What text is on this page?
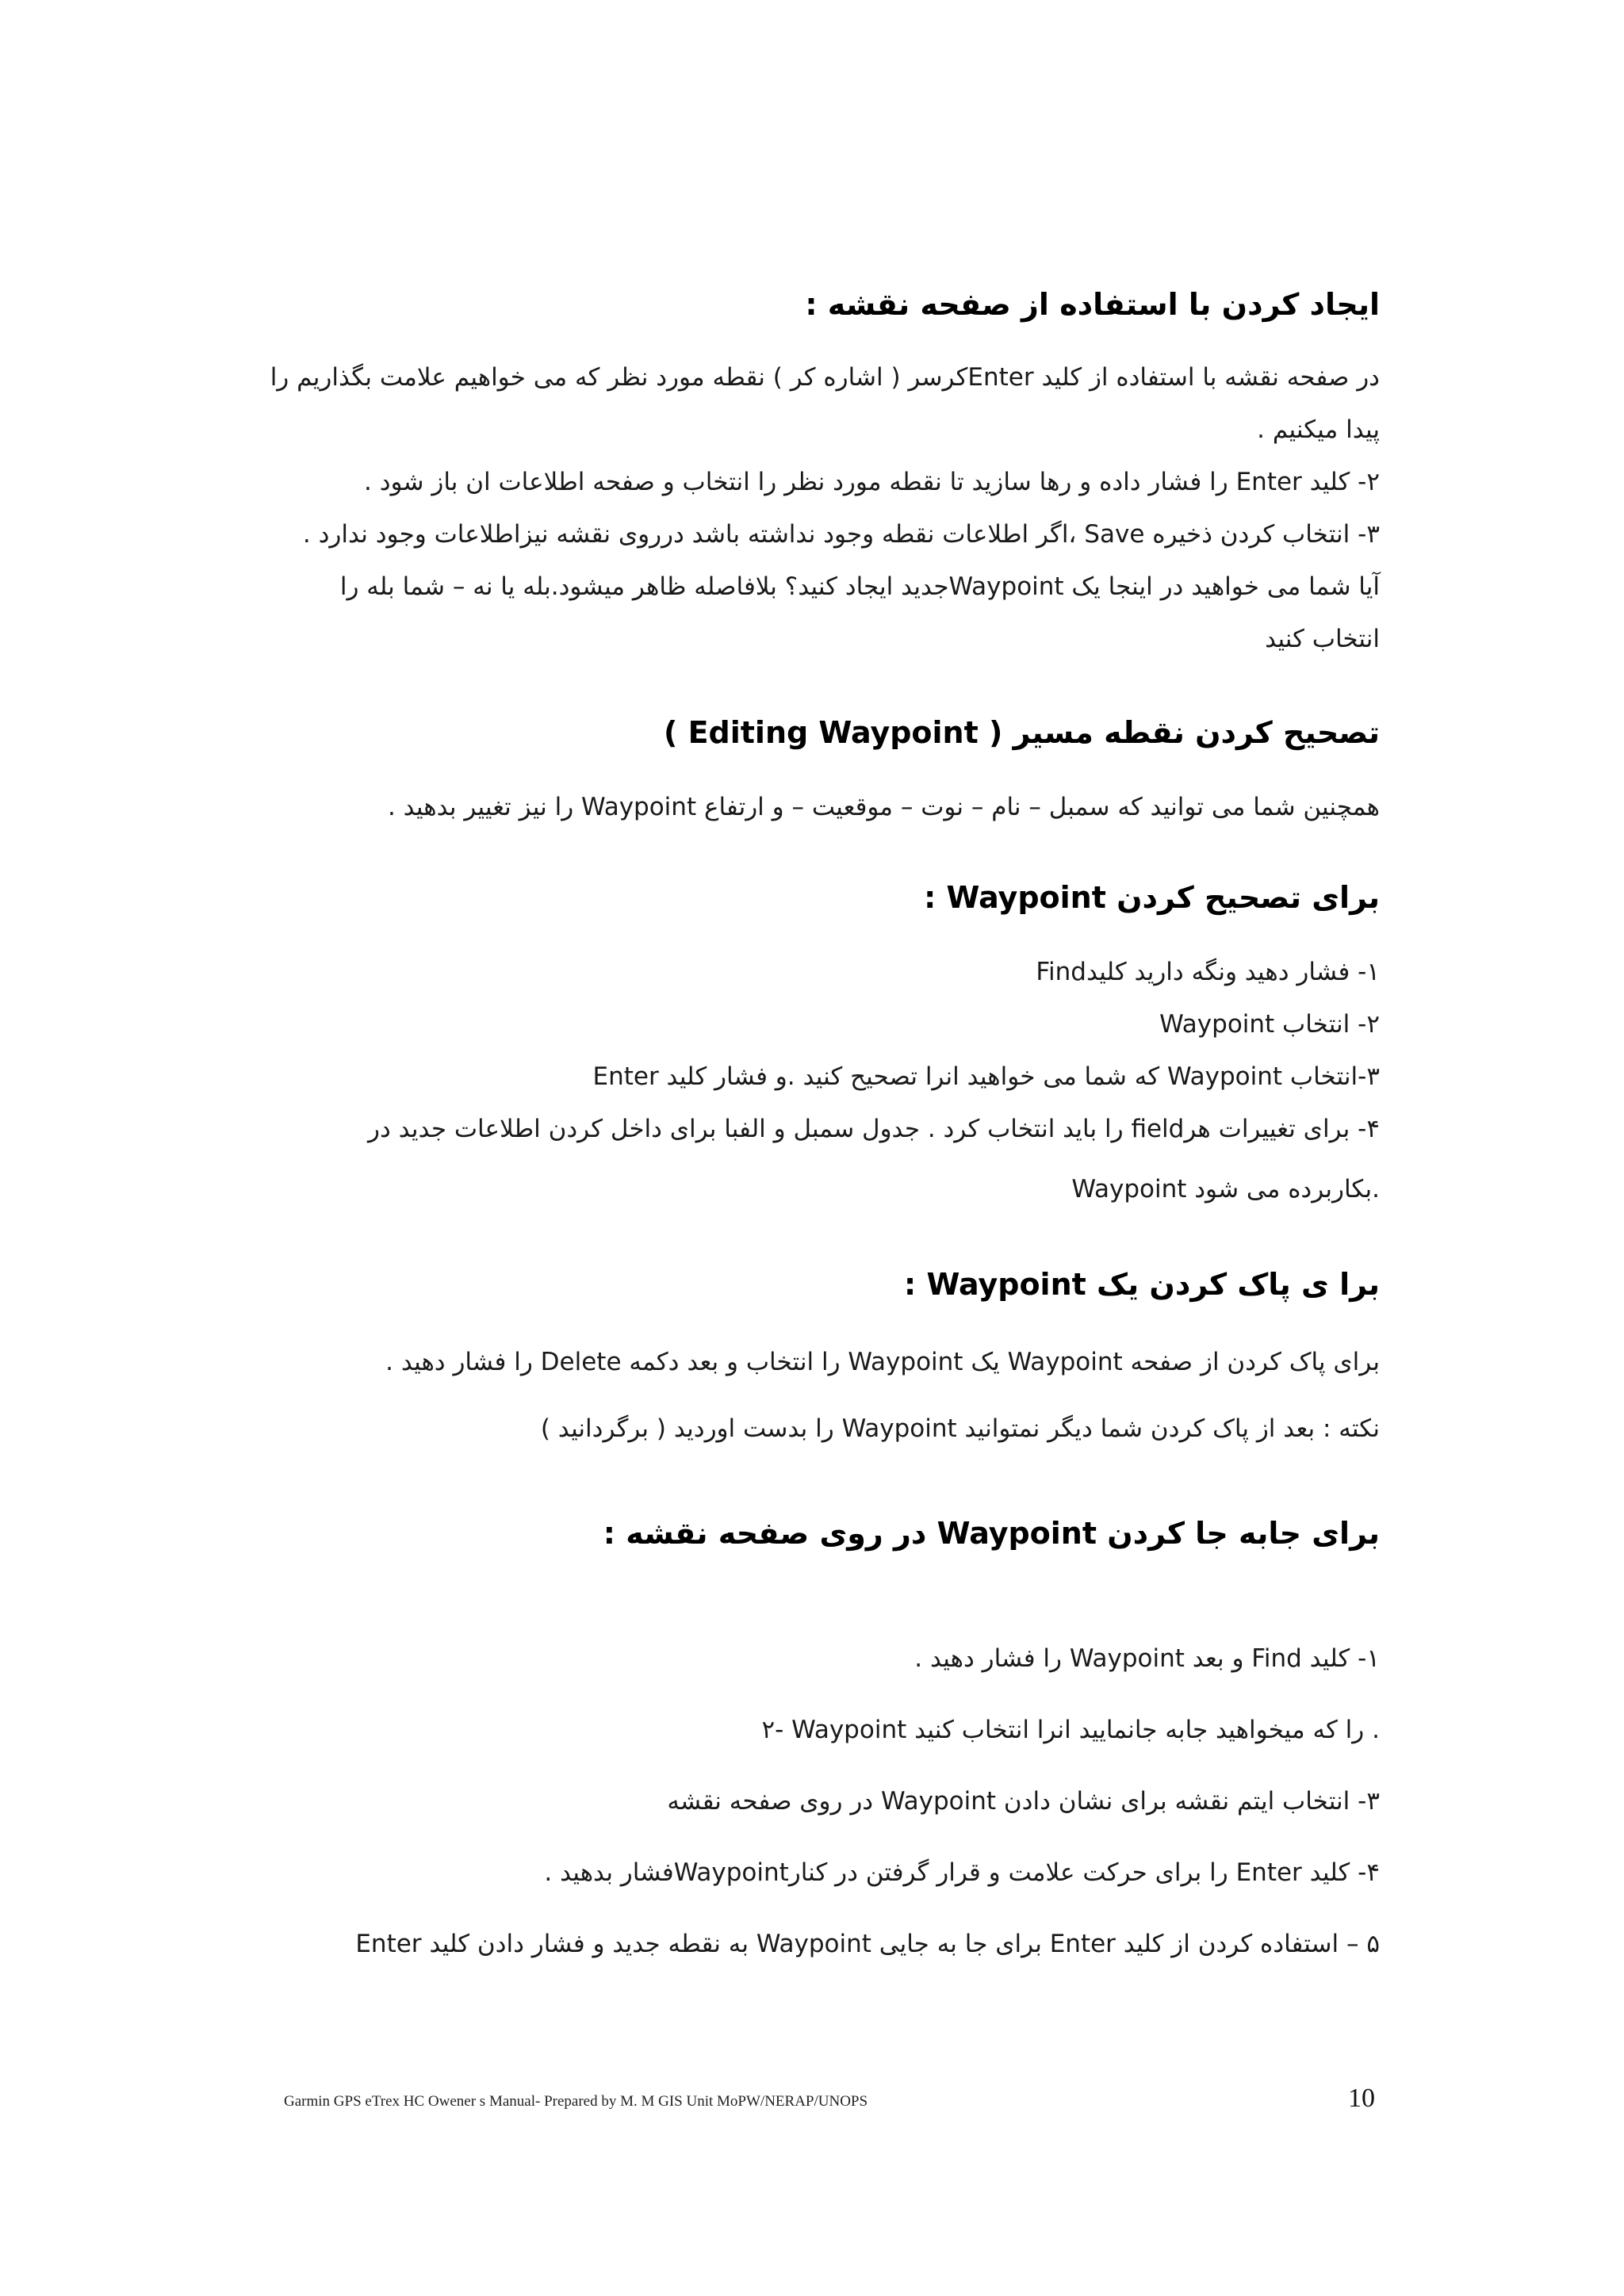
ایجاد کردن با استفاده از صفحه نقشه :
در صفحه نقشه با استفاده از کلید Enterکرسر ( اشاره کر ) نقطه مورد نظر که می خواهیم علامت بگذاریم را
پیدا میکنیم .
۲- کلید Enter را فشار داده و رها سازید تا نقطه مورد نظر را انتخاب و صفحه اطلاعات ان باز شود .
۳- انتخاب کردن ذخیره Save ،اگر اطلاعات نقطه وجود نداشته باشد درروی نقشه نیزاطلاعات وجود ندارد .
آیا شما می خواهید در اینجا یک Waypointجدید ایجاد کنید؟ بلافاصله ظاهر میشود.بله یا نه – شما بله را
انتخاب کنید
تصحیح کردن نقطه مسیر ( Editing Waypoint )
همچنین شما می توانید که سمبل – نام – نوت – موقعیت – و ارتفاع Waypoint را نیز تغییر بدهید .
برای تصحیح کردن Waypoint :
۱- فشار دهید ونگه دارید کلیدFind
۲- انتخاب Waypoint
۳-انتخاب Waypoint که شما می خواهید انرا تصحیح کنید .و فشار کلید Enter
۴- برای تغییرات هرfield را باید انتخاب کرد . جدول سمبل و الفبا برای داخل کردن اطلاعات جدید در
Waypoint بکاربرده می شود.
برا ی پاک کردن یک Waypoint :
برای پاک کردن از صفحه Waypoint یک Waypoint را انتخاب و بعد دکمه Delete را فشار دهید .
نکته : بعد از پاک کردن شما دیگر نمتوانید Waypoint را بدست اوردید ( برگردانید )
برای جابه جا کردن Waypoint در روی صفحه نقشه :
۱- کلید Find و بعد Waypoint را فشار دهید .
۲- Waypoint را که میخواهید جابه جانمایید انرا انتخاب کنید .
۳- انتخاب ایتم نقشه برای نشان دادن Waypoint در روی صفحه نقشه
۴- کلید Enter را برای حرکت علامت و قرار گرفتن در کنارWaypointفشار بدهید .
۵ – استفاده کردن از کلید Enter برای جا به جایی Waypoint به نقطه جدید و فشار دادن کلید Enter
Garmin GPS eTrex HC Owener s Manual- Prepared by M. M GIS Unit MoPW/NERAP/UNOPS	10
